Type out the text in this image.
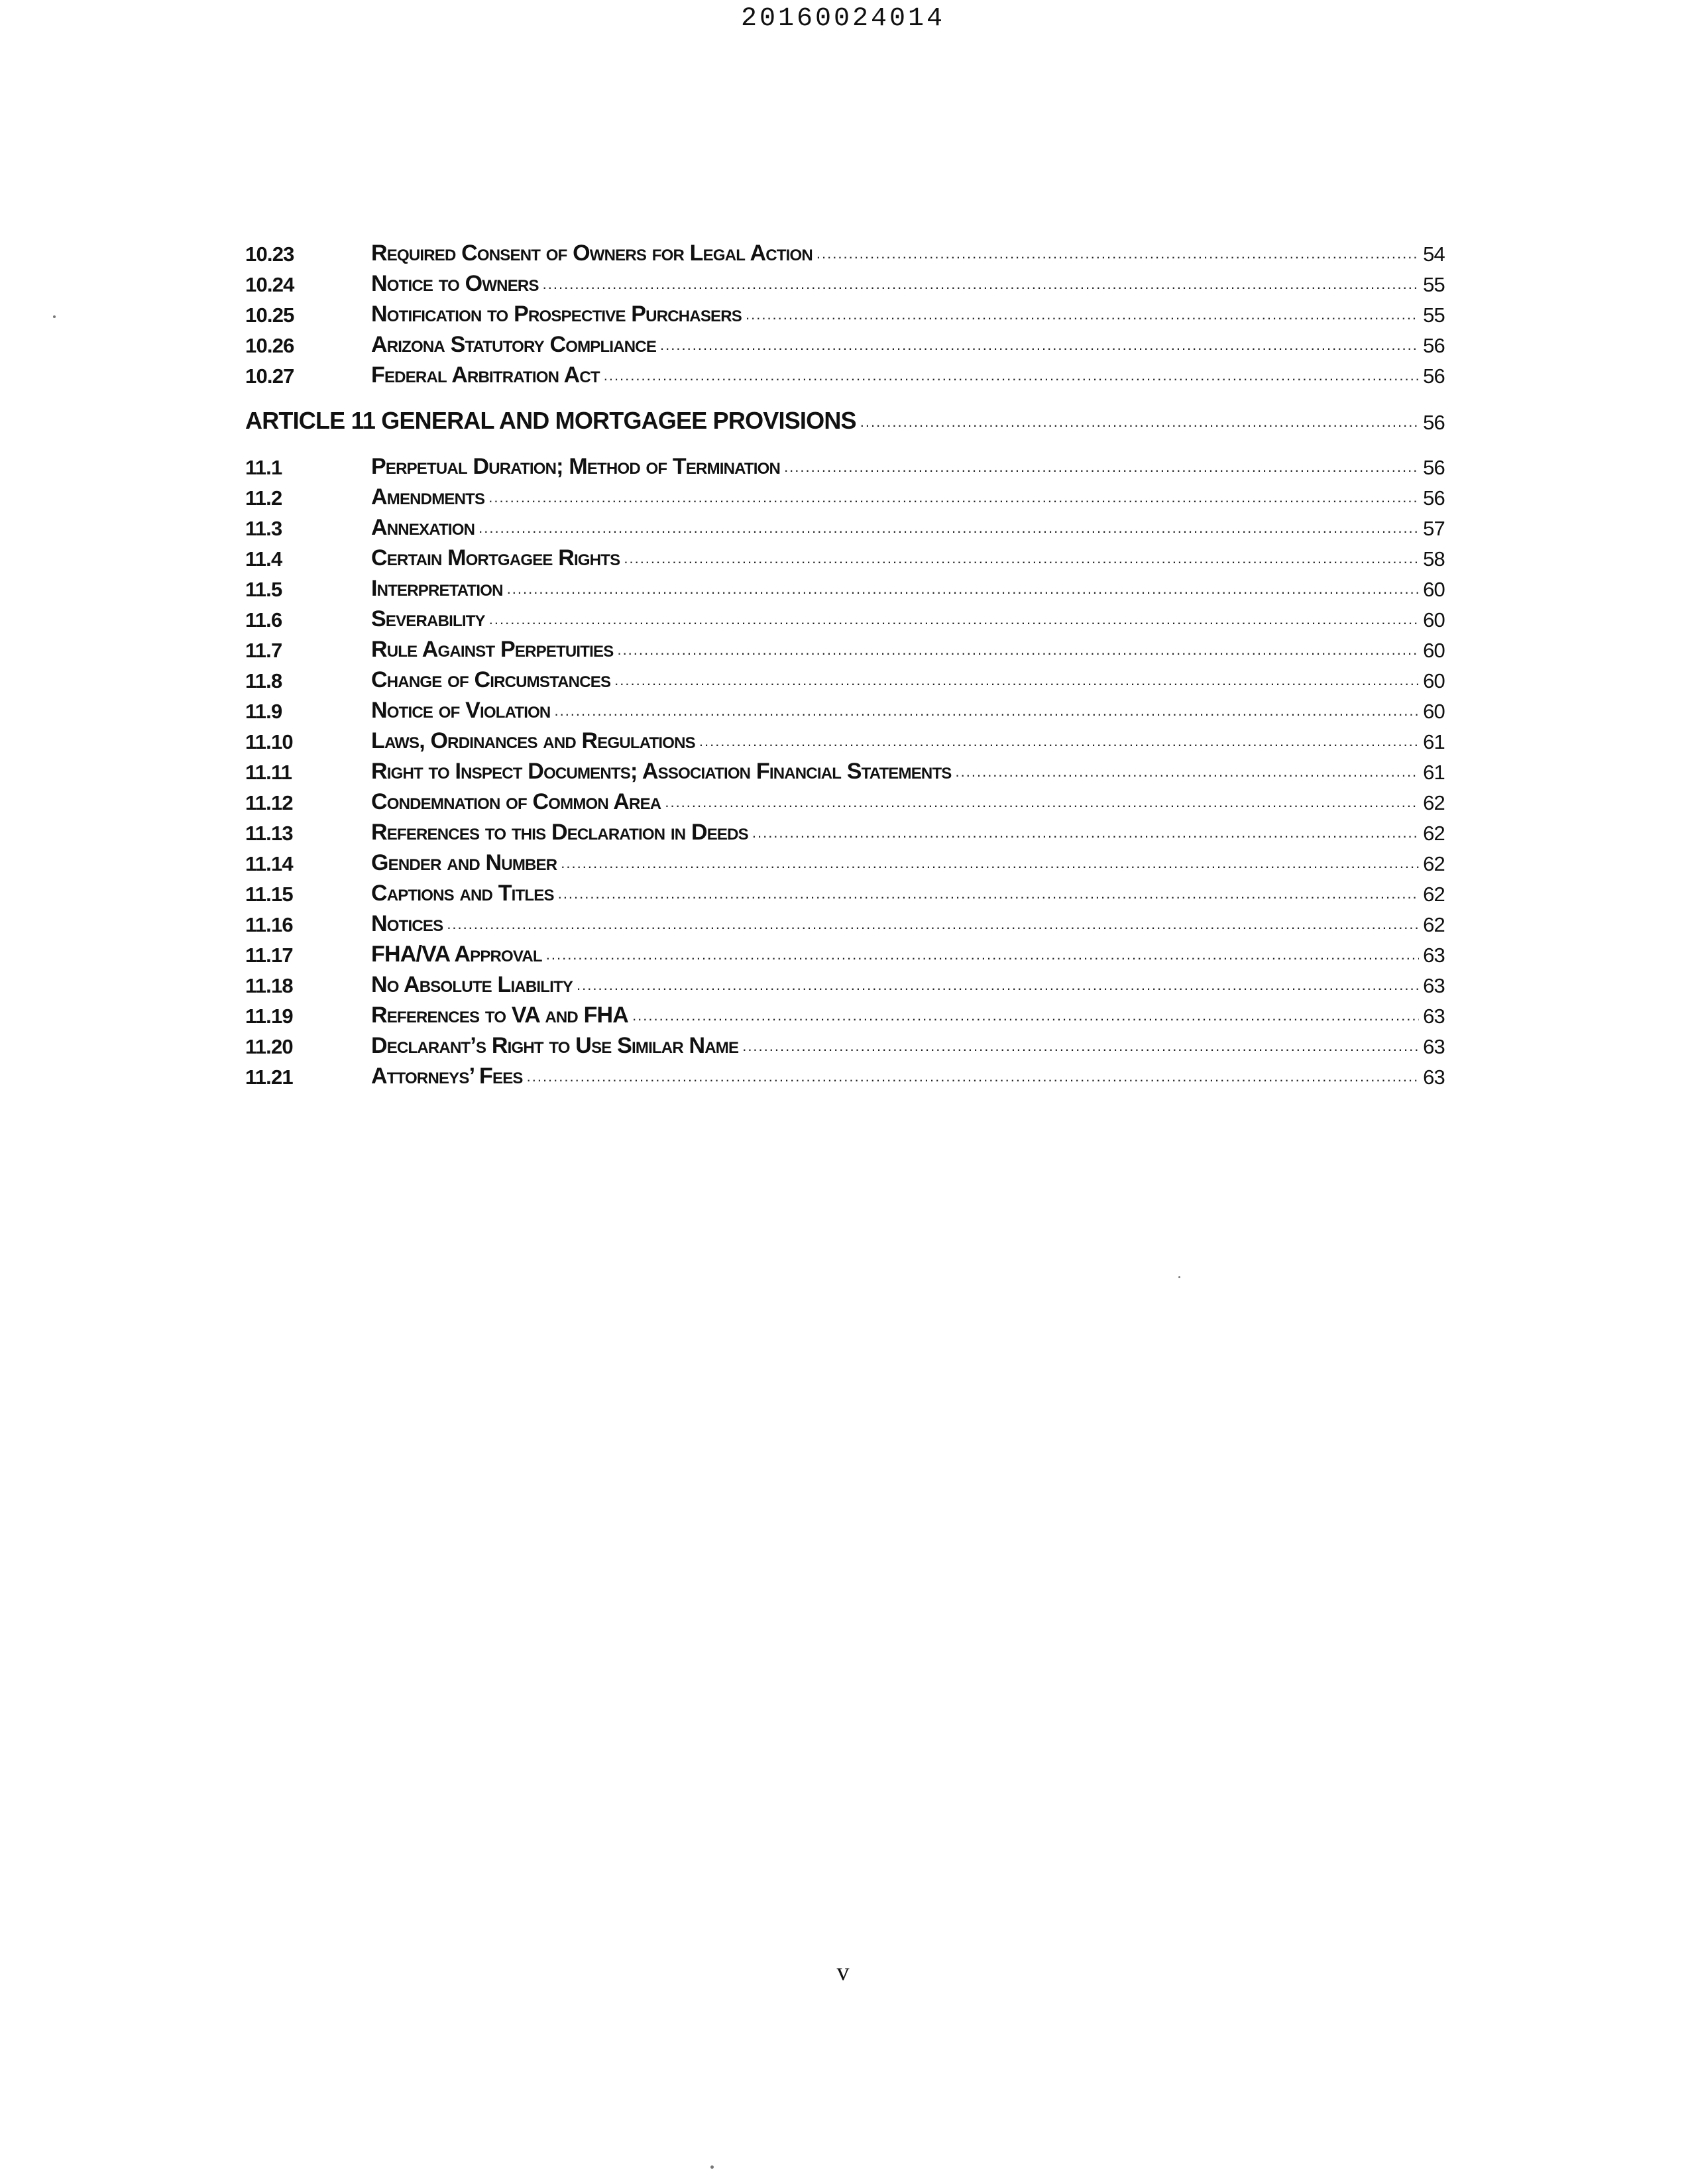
20160024014
10.23	Required Consent of Owners for Legal Action .....	54
10.24	Notice to Owners .....	55
10.25	Notification to Prospective Purchasers .....	55
10.26	Arizona Statutory Compliance .....	56
10.27	Federal Arbitration Act .....	56
ARTICLE 11 GENERAL AND MORTGAGEE PROVISIONS .....	56
11.1	Perpetual Duration; Method of Termination .....	56
11.2	Amendments .....	56
11.3	Annexation .....	57
11.4	Certain Mortgagee Rights .....	58
11.5	Interpretation .....	60
11.6	Severability .....	60
11.7	Rule Against Perpetuities .....	60
11.8	Change of Circumstances .....	60
11.9	Notice of Violation .....	60
11.10	Laws, Ordinances and Regulations .....	61
11.11	Right to Inspect Documents; Association Financial Statements .....	61
11.12	Condemnation of Common Area .....	62
11.13	References to this Declaration in Deeds .....	62
11.14	Gender and Number .....	62
11.15	Captions and Titles .....	62
11.16	Notices .....	62
11.17	FHA/VA Approval .....	63
11.18	No Absolute Liability .....	63
11.19	References to VA and FHA .....	63
11.20	Declarant’s Right to Use Similar Name .....	63
11.21	Attorneys’ Fees .....	63
v
